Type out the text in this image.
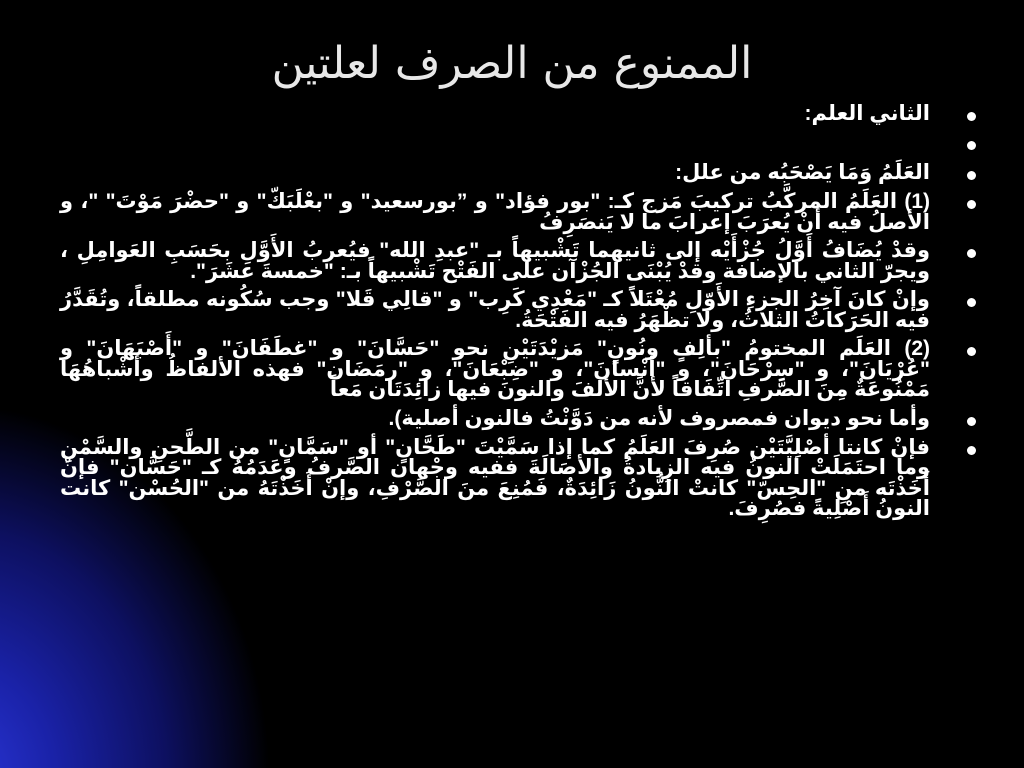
الممنوع من الصرف لعلتين
الثاني العلم:
العَلَمُ وَمَا يَصْحَبُه من علل:
(1) العَلَمُ المركَّبُ تركيبَ مَزج كـ: "بور فؤاد" و ”بورسعيد" و "بعْلَبَكّ" و "حضْرَ مَوْتَ" "، و الأصلُ فيه أنْ يُعرَبَ إعرابَ ما لا يَنصَرِفُ
وقدْ يُضَافُ أَوَّلُ جُزْأَيْه إلى ثانيهما تَشْبيهاً بـ "عبدِ الله" فيُعربُ الأَوَّلِ بحَسَبِ العَوامِلِ ، ويجرّ الثاني بالإضافة وقدْ يُبْنَى الجُزْآن على الفَتْح تَشْبيهاً بـ: "خمسةَ عشَرَ".
وإنْ كانَ آخِرُ الجزءِ الأَوّلِ مُعْتَلاً كـ "مَعْدِي كَرِب" و "قالِي قَلا" وجب سُكُونه مطلقاً، وتُقَدَّرُ فيه الحَرَكاتُ الثلاثُ، ولا تظْهَرُ فيه الفَتْحَةُ.
(2) العَلَم المختومُ "بألِفٍ ونُونٍ" مَزيْدَتَيْنِ نحو "حَسَّانَ" و "غطَفَانَ" و "أَصْبَهَانَ" و "عُرْيَانَ"، و "سِرْحَانَ"، و "أَنْسانَ"، و "ضِبْعَانَ"، و "رمَضَان" فهذه الألفاظُ وأشْباهُهَا مَمْنُوعَةٌ مِنَ الصَّرفِ اتِّفَاقاً لأنَّ الألفَ والنونَ فيها زائِدَتَان مَعاً
وأما نحو ديوان فمصروف لأنه من دَوَّنْتُ فالنون أصلية).
فإنْ كانتا أصْلِيَّتَيْن صُرِفَ العَلَمُ كما إذا سَمَّيْتَ "طَحَّانٍ" أو "سَمَّانٍ" من الطَّحنِ والسَّمْنِ وما احتَمَلَتْ النونُ فيه الزِيادةُ والأصَالَةَ ففيه وجْهان الصَّرفُ وعَدَمُهُ كـ "حَسَّان" فإنْ أَخَذْتَه منِ "الحِسّ" كانتْ النُّونُ زَائِدَةٌ، فَمُنِعَ منَ الصَّرْفِ، وإنْ أَخَذْتَهُ من "الحُسْن" كانت النونُ أَصْلِيةً فصُرِفَ.
